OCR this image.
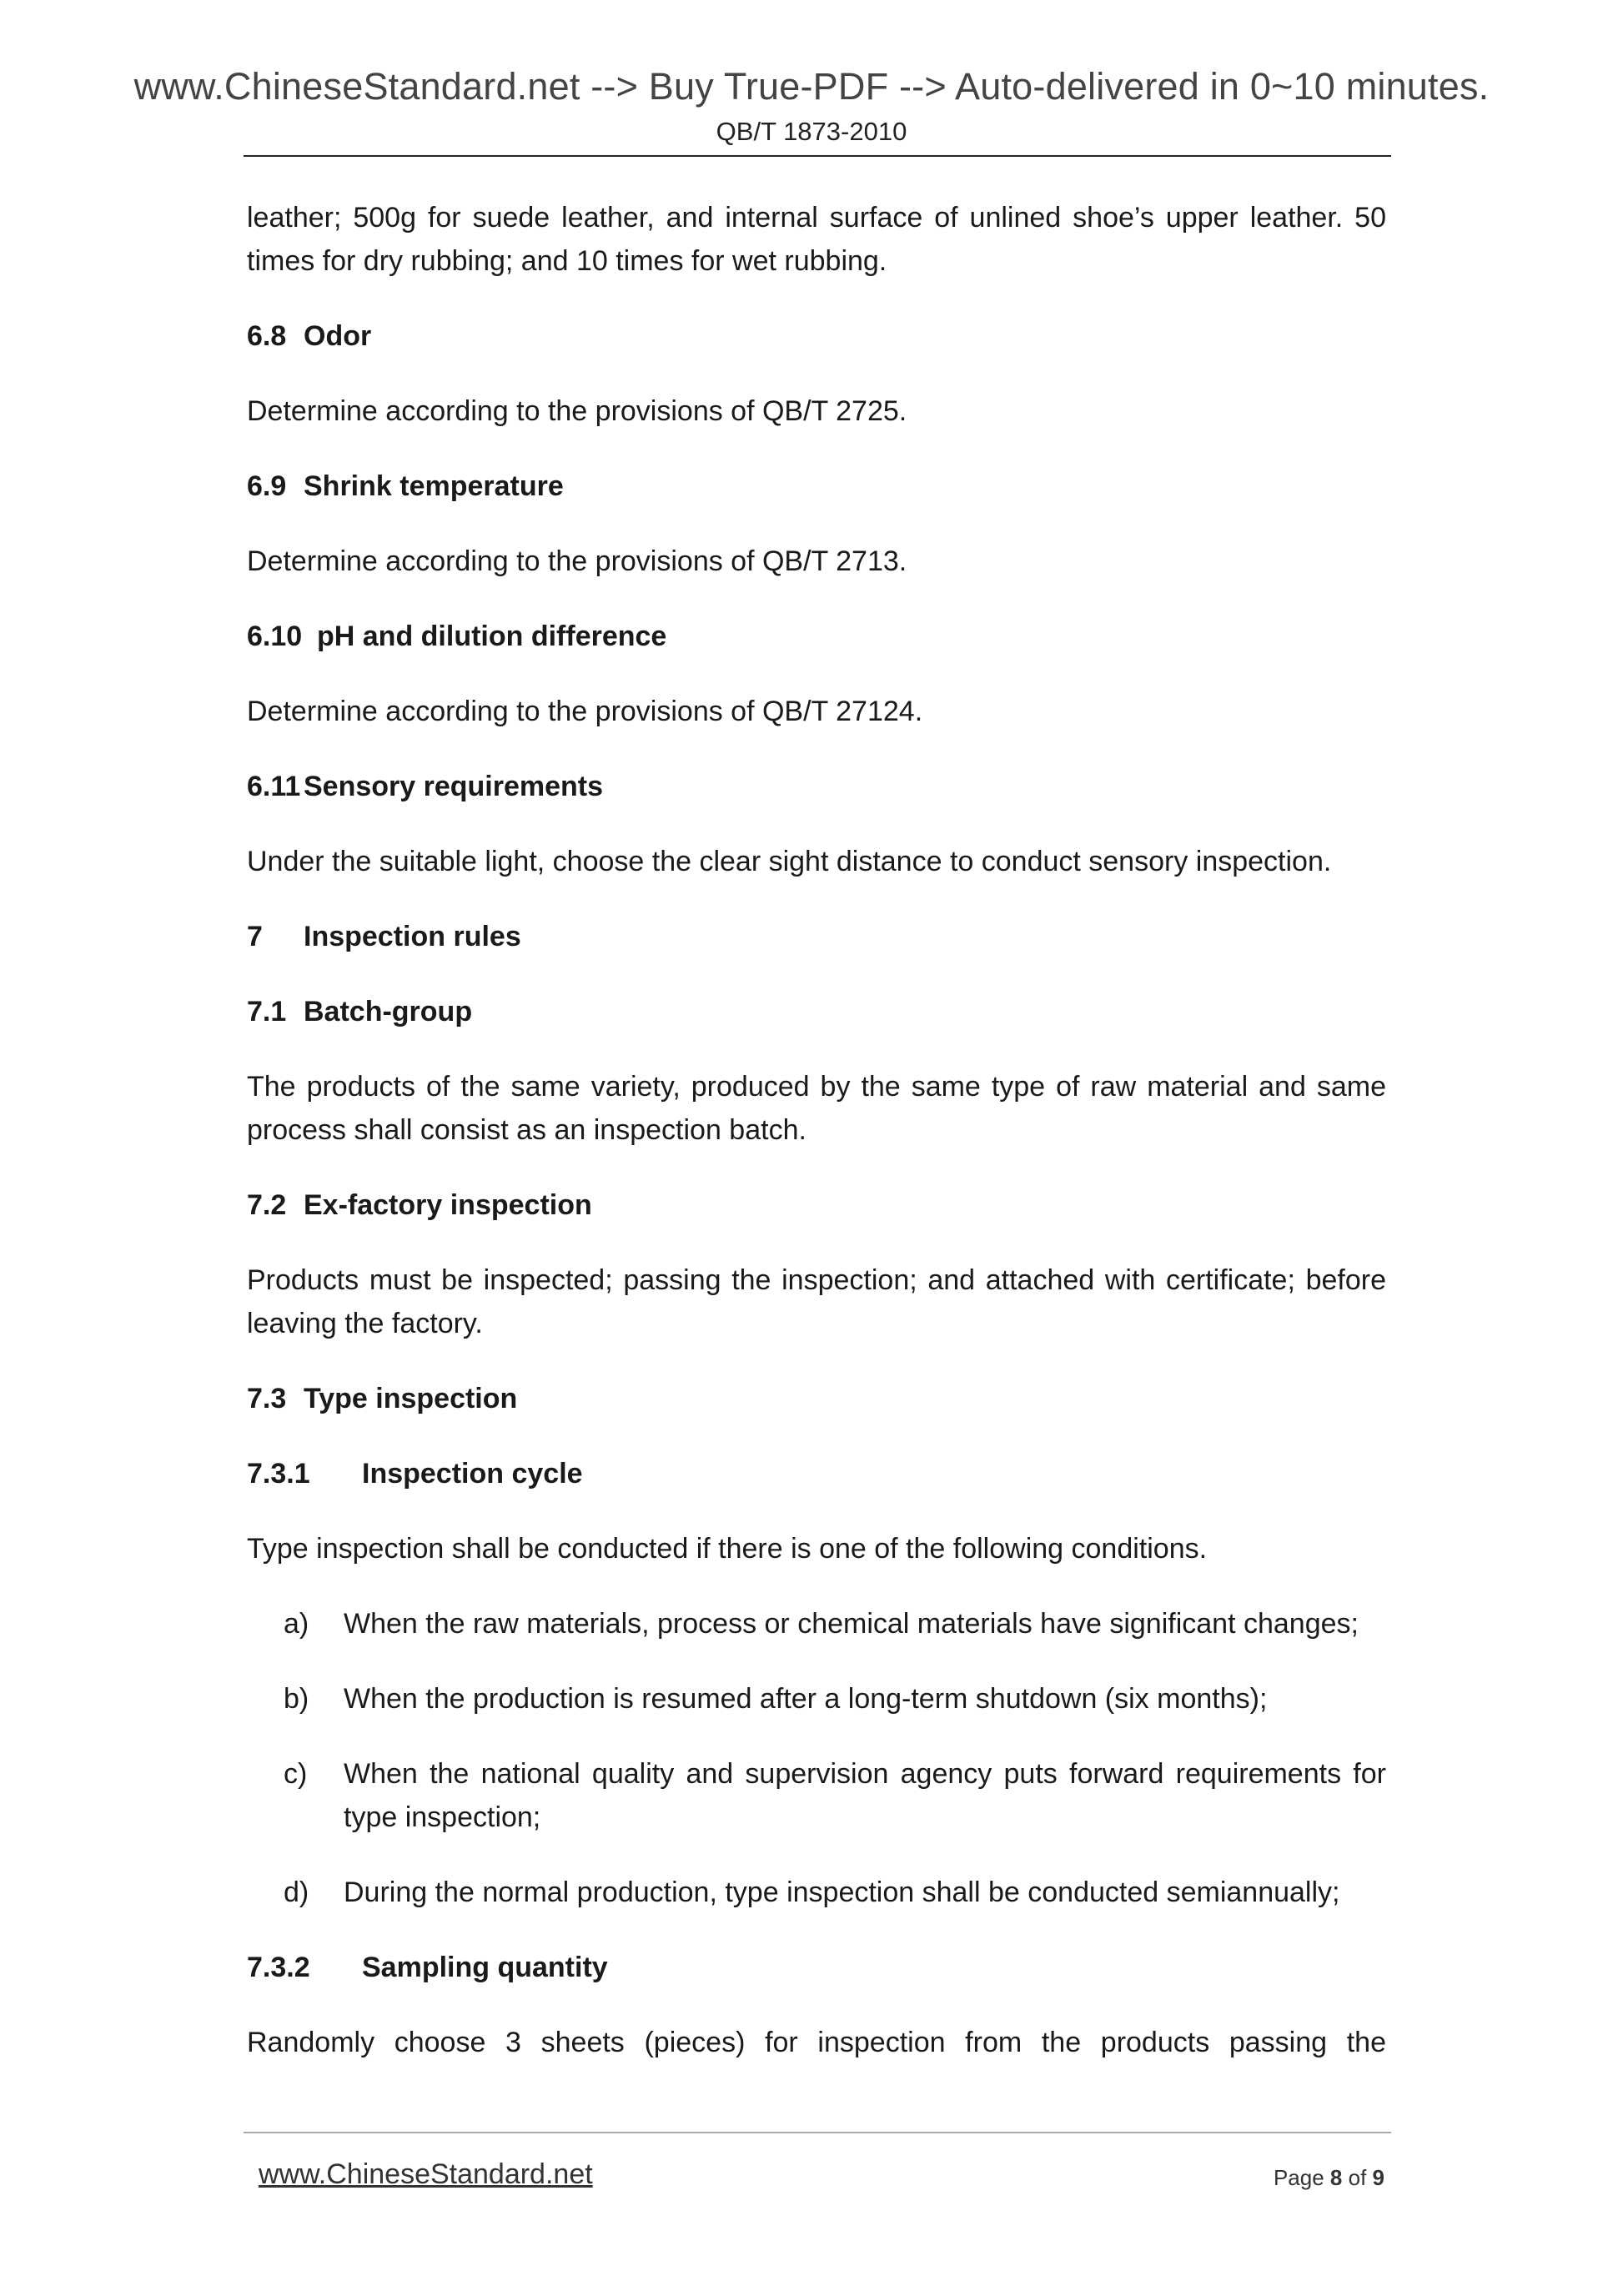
www.ChineseStandard.net --> Buy True-PDF --> Auto-delivered in 0~10 minutes.
QB/T 1873-2010

leather; 500g for suede leather, and internal surface of unlined shoe’s upper leather. 50 times for dry rubbing; and 10 times for wet rubbing.

6.8 Odor

Determine according to the provisions of QB/T 2725.

6.9 Shrink temperature

Determine according to the provisions of QB/T 2713.

6.10 pH and dilution difference

Determine according to the provisions of QB/T 27124.

6.11 Sensory requirements

Under the suitable light, choose the clear sight distance to conduct sensory inspection.

7 Inspection rules

7.1 Batch-group

The products of the same variety, produced by the same type of raw material and same process shall consist as an inspection batch.

7.2 Ex-factory inspection

Products must be inspected; passing the inspection; and attached with certificate; before leaving the factory.

7.3 Type inspection

7.3.1 Inspection cycle

Type inspection shall be conducted if there is one of the following conditions.

a) When the raw materials, process or chemical materials have significant changes;

b) When the production is resumed after a long-term shutdown (six months);

c) When the national quality and supervision agency puts forward requirements for type inspection;

d) During the normal production, type inspection shall be conducted semiannually;

7.3.2 Sampling quantity

Randomly choose 3 sheets (pieces) for inspection from the products passing the

www.ChineseStandard.net	Page 8 of 9
